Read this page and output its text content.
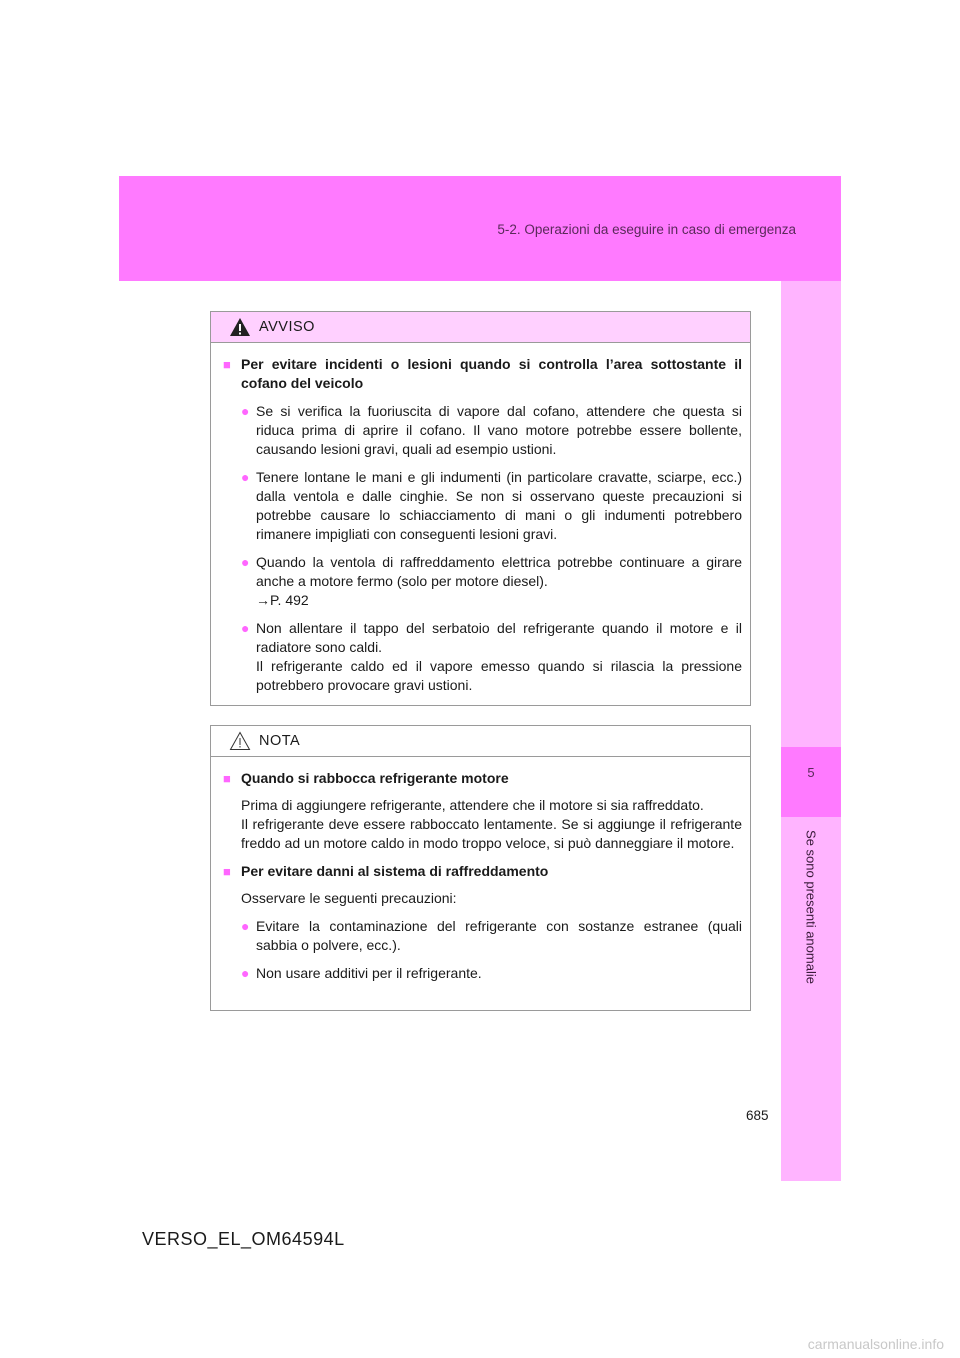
5-2. Operazioni da eseguire in caso di emergenza
5
Se sono presenti anomalie
AVVISO
■ Per evitare incidenti o lesioni quando si controlla l’area sottostante il cofano del veicolo
● Se si verifica la fuoriuscita di vapore dal cofano, attendere che questa si riduca prima di aprire il cofano. Il vano motore potrebbe essere bollente, causando lesioni gravi, quali ad esempio ustioni.
● Tenere lontane le mani e gli indumenti (in particolare cravatte, sciarpe, ecc.) dalla ventola e dalle cinghie. Se non si osservano queste precauzioni si potrebbe causare lo schiacciamento di mani o gli indumenti potrebbero rimanere impigliati con conseguenti lesioni gravi.
● Quando la ventola di raffreddamento elettrica potrebbe continuare a girare anche a motore fermo (solo per motore diesel).
→P. 492
● Non allentare il tappo del serbatoio del refrigerante quando il motore e il radiatore sono caldi.
Il refrigerante caldo ed il vapore emesso quando si rilascia la pressione potrebbero provocare gravi ustioni.
NOTA
■ Quando si rabbocca refrigerante motore
Prima di aggiungere refrigerante, attendere che il motore si sia raffreddato.
Il refrigerante deve essere rabboccato lentamente. Se si aggiunge il refrigerante freddo ad un motore caldo in modo troppo veloce, si può danneggiare il motore.
■ Per evitare danni al sistema di raffreddamento
Osservare le seguenti precauzioni:
● Evitare la contaminazione del refrigerante con sostanze estranee (quali sabbia o polvere, ecc.).
● Non usare additivi per il refrigerante.
685
VERSO_EL_OM64594L
carmanualsonline.info
